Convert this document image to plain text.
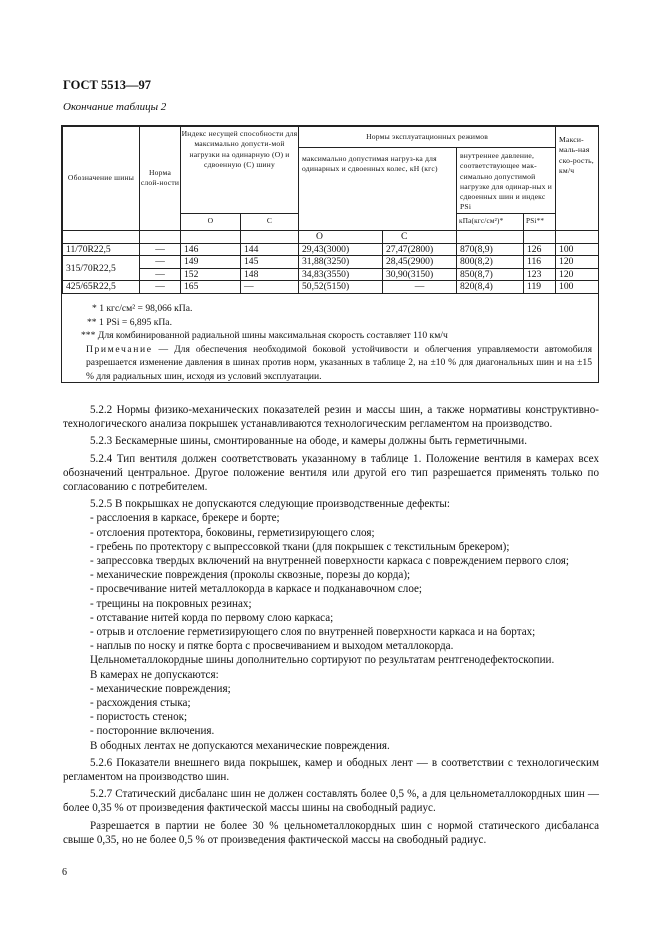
ГОСТ 5513—97
Окончание таблицы 2
Обозначение шины	Норма слой-ности	Индекс несущей способности для максимально допусти-мой нагрузки на одинарную (О) и сдвоенную (С) шину		Нормы эксплуатационных режимов				Макси-маль-ная ско-рость, км/ч
				максимально допустимая нагруз-ка для одинарных и сдвоенных колес, кН (кгс)		внутреннее давление, соответствующее мак-симально допустимой нагрузке для одинар-ных и сдвоенных шин и индекс PSi		
		О	С			кПа(кгс/см²)*	PSi**	
				О	С			
11/70R22,5	—	146	144	29,43(3000)	27,47(2800)	870(8,9)	126	100
315/70R22,5	—	149	145	31,88(3250)	28,45(2900)	800(8,2)	116	120
	—	152	148	34,83(3550)	30,90(3150)	850(8,7)	123	120
425/65R22,5	—	165	—	50,52(5150)	—	820(8,4)	119	100
* 1 кгс/см² = 98,066 кПа.
** 1 PSi = 6,895 кПа.
*** Для комбинированной радиальной шины максимальная скорость составляет 110 км/ч
Примечание — Для обеспечения необходимой боковой устойчивости и облегчения управляемости автомобиля разрешается изменение давления в шинах против норм, указанных в таблице 2, на ±10 % для диагональных шин и на ±15 % для радиальных шин, исходя из условий эксплуатации.

5.2.2 Нормы физико-механических показателей резин и массы шин, а также нормативы конструктивно-технологического анализа покрышек устанавливаются технологическим регламентом на производство.

5.2.3 Бескамерные шины, смонтированные на ободе, и камеры должны быть герметичными.

5.2.4 Тип вентиля должен соответствовать указанному в таблице 1. Положение вентиля в камерах всех обозначений центральное. Другое положение вентиля или другой его тип разрешается применять только по согласованию с потребителем.

5.2.5 В покрышках не допускаются следующие производственные дефекты:

- расслоения в каркасе, брекере и борте;

- отслоения протектора, боковины, герметизирующего слоя;

- гребень по протектору с выпрессовкой ткани (для покрышек с текстильным брекером);

- запрессовка твердых включений на внутренней поверхности каркаса с повреждением первого слоя;

- механические повреждения (проколы сквозные, порезы до корда);

- просвечивание нитей металлокорда в каркасе и подканавочном слое;

- трещины на покровных резинах;

- отставание нитей корда по первому слою каркаса;

- отрыв и отслоение герметизирующего слоя по внутренней поверхности каркаса и на бортах;

- наплыв по носку и пятке борта с просвечиванием и выходом металлокорда.

Цельнометаллокордные шины дополнительно сортируют по результатам рентгенодефектоскопии.

В камерах не допускаются:

- механические повреждения;

- расхождения стыка;

- пористость стенок;

- посторонние включения.

В ободных лентах не допускаются механические повреждения.

5.2.6 Показатели внешнего вида покрышек, камер и ободных лент — в соответствии с технологическим регламентом на производство шин.

5.2.7 Статический дисбаланс шин не должен составлять более 0,5 %, а для цельнометаллокордных шин — более 0,35 % от произведения фактической массы шины на свободный радиус.

Разрешается в партии не более 30 % цельнометаллокордных шин с нормой статического дисбаланса свыше 0,35, но не более 0,5 % от произведения фактической массы на свободный радиус.

6
